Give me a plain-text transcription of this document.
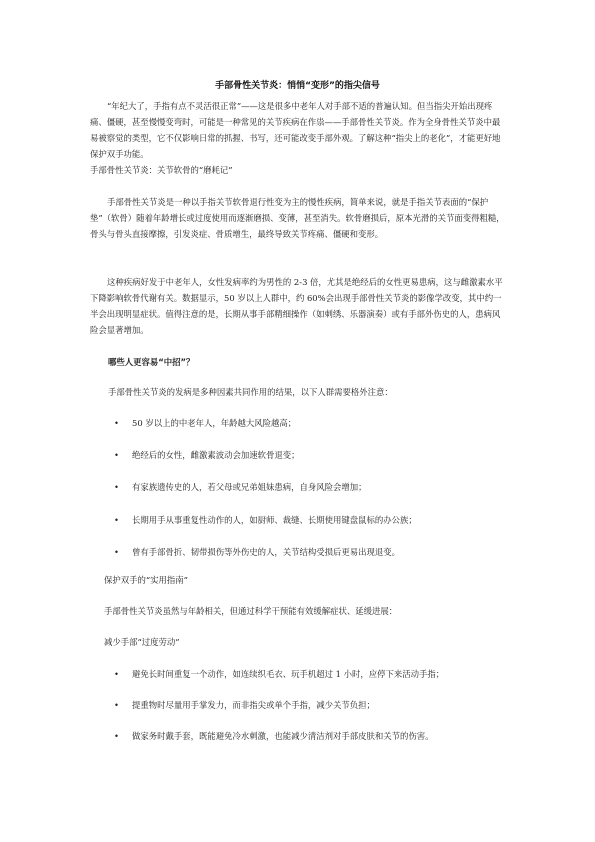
手部骨性关节炎：悄悄“变形”的指尖信号

“年纪大了，手指有点不灵活很正常”——这是很多中老年人对手部不适的普遍认知。但当指尖开始出现疼痛、僵硬，甚至慢慢变弯时，可能是一种常见的关节疾病在作祟——手部骨性关节炎。作为全身骨性关节炎中最易被察觉的类型，它不仅影响日常的抓握、书写，还可能改变手部外观。了解这种“指尖上的老化”，才能更好地保护双手功能。

手部骨性关节炎：关节软骨的“磨耗记”

手部骨性关节炎是一种以手指关节软骨退行性变为主的慢性疾病，简单来说，就是手指关节表面的“保护垫”（软骨）随着年龄增长或过度使用而逐渐磨损、变薄，甚至消失。软骨磨损后，原本光滑的关节面变得粗糙，骨头与骨头直接摩擦，引发炎症、骨质增生，最终导致关节疼痛、僵硬和变形。

这种疾病好发于中老年人，女性发病率约为男性的 2-3 倍，尤其是绝经后的女性更易患病，这与雌激素水平下降影响软骨代谢有关。数据显示，50 岁以上人群中，约 60%会出现手部骨性关节炎的影像学改变，其中约一半会出现明显症状。值得注意的是，长期从事手部精细操作（如刺绣、乐器演奏）或有手部外伤史的人，患病风险会显著增加。

哪些人更容易“中招”？
手部骨性关节炎的发病是多种因素共同作用的结果，以下人群需要格外注意：
• 50 岁以上的中老年人，年龄越大风险越高；
• 绝经后的女性，雌激素波动会加速软骨退变；
• 有家族遗传史的人，若父母或兄弟姐妹患病，自身风险会增加；
• 长期用手从事重复性动作的人，如厨师、裁缝、长期使用键盘鼠标的办公族；
• 曾有手部骨折、韧带损伤等外伤史的人，关节结构受损后更易出现退变。
保护双手的“实用指南”
手部骨性关节炎虽然与年龄相关，但通过科学干预能有效缓解症状、延缓进展：
减少手部“过度劳动”
• 避免长时间重复一个动作，如连续织毛衣、玩手机超过 1 小时，应停下来活动手指；
• 提重物时尽量用手掌发力，而非指尖或单个手指，减少关节负担；
• 做家务时戴手套，既能避免冷水刺激，也能减少清洁剂对手部皮肤和关节的伤害。
